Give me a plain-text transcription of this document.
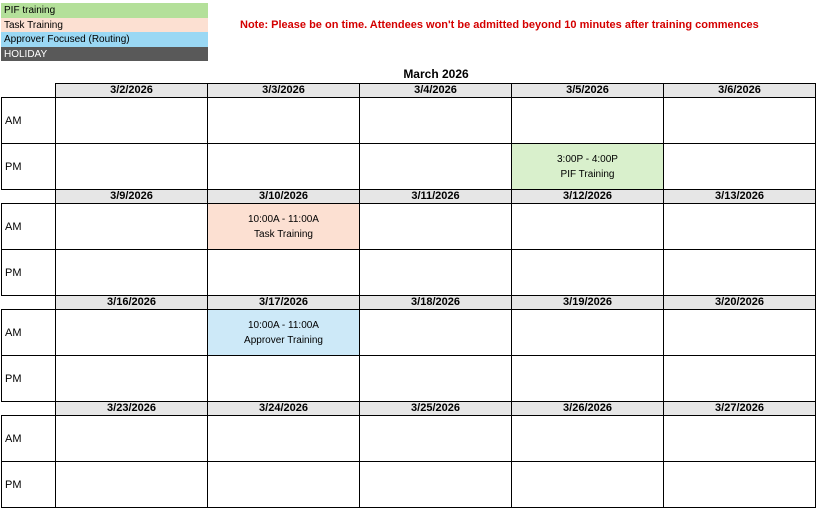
PIF training
Task Training
Approver Focused (Routing)
HOLIDAY
Note: Please be on time. Attendees won't be admitted beyond 10 minutes after training commences
March 2026
	3/2/2026	3/3/2026	3/4/2026	3/5/2026	3/6/2026
AM					
PM				3:00P - 4:00P
PIF Training	

	3/9/2026	3/10/2026	3/11/2026	3/12/2026	3/13/2026
AM		10:00A - 11:00A
Task Training			

PM					
	3/16/2026	3/17/2026	3/18/2026	3/19/2026	3/20/2026
AM		10:00A - 11:00A
Approver Training			

PM					
	3/23/2026	3/24/2026	3/25/2026	3/26/2026	3/27/2026
AM					
PM					
